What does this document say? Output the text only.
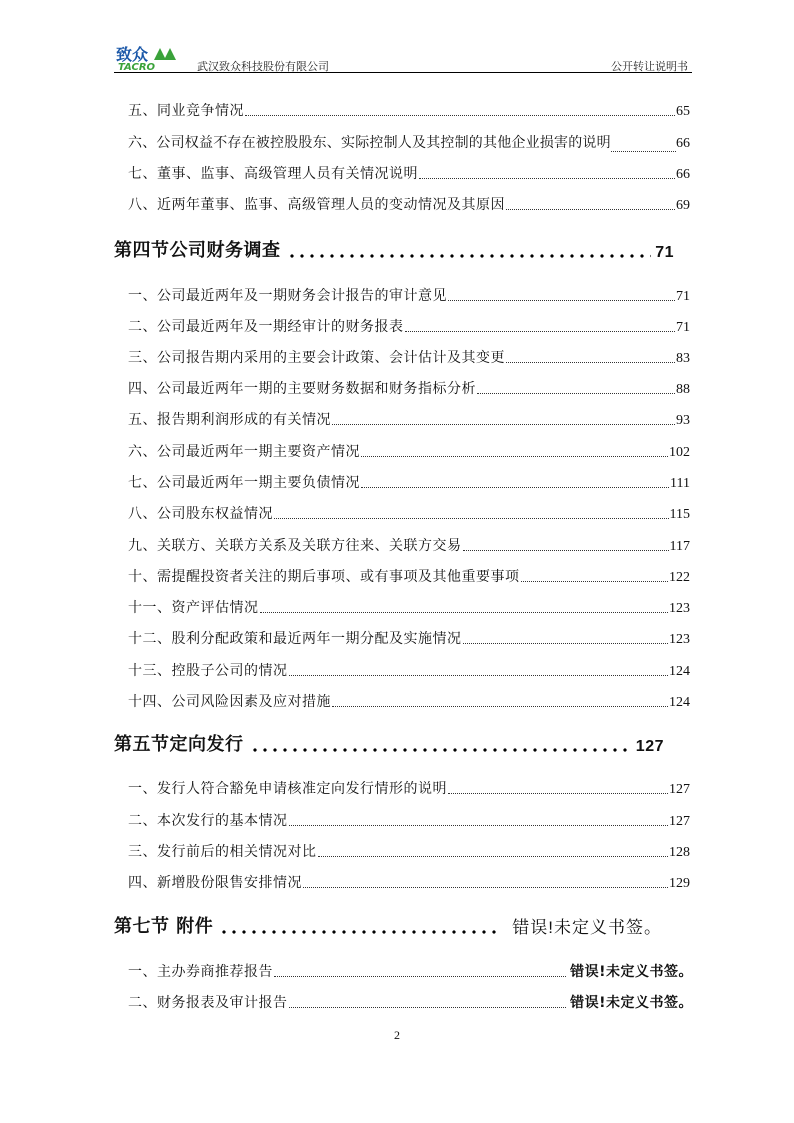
致众
TACRO	武汉致众科技股份有限公司	公开转让说明书
五、同业竞争情况	65
六、公司权益不存在被控股股东、实际控制人及其控制的其他企业损害的说明	66
七、董事、监事、高级管理人员有关情况说明	66
八、近两年董事、监事、高级管理人员的变动情况及其原因	69
第四节公司财务调查	71
一、公司最近两年及一期财务会计报告的审计意见	71
二、公司最近两年及一期经审计的财务报表	71
三、公司报告期内采用的主要会计政策、会计估计及其变更	83
四、公司最近两年一期的主要财务数据和财务指标分析	88
五、报告期利润形成的有关情况	93
六、公司最近两年一期主要资产情况	102
七、公司最近两年一期主要负债情况	111
八、公司股东权益情况	115
九、关联方、关联方关系及关联方往来、关联方交易	117
十、需提醒投资者关注的期后事项、或有事项及其他重要事项	122
十一、资产评估情况	123
十二、股利分配政策和最近两年一期分配及实施情况	123
十三、控股子公司的情况	124
十四、公司风险因素及应对措施	124
第五节定向发行	127
一、发行人符合豁免申请核准定向发行情形的说明	127
二、本次发行的基本情况	127
三、发行前后的相关情况对比	128
四、新增股份限售安排情况	129
第七节 附件	错误!未定义书签。
一、主办券商推荐报告	错误!未定义书签。
二、财务报表及审计报告	错误!未定义书签。
2
